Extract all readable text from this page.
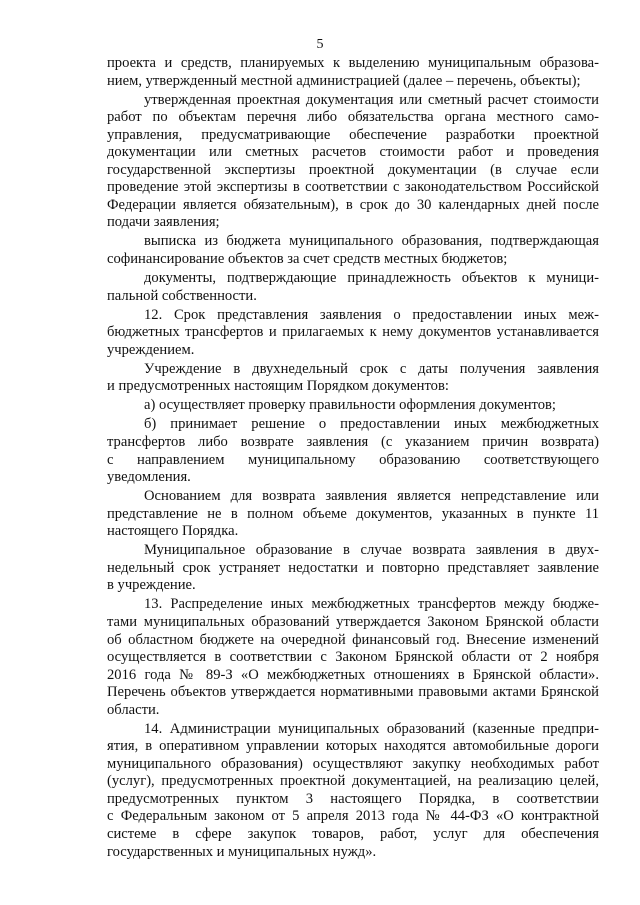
5

проекта и средств, планируемых к выделению муниципальным образова-
нием, утвержденный местной администрацией (далее – перечень, объекты);

утвержденная проектная документация или сметный расчет стоимости
работ по объектам перечня либо обязательства органа местного само-
управления, предусматривающие обеспечение разработки проектной
документации или сметных расчетов стоимости работ и проведения
государственной экспертизы проектной документации (в случае если
проведение этой экспертизы в соответствии с законодательством Российской
Федерации является обязательным), в срок до 30 календарных дней после
подачи заявления;

выписка из бюджета муниципального образования, подтверждающая
софинансирование объектов за счет средств местных бюджетов;

документы, подтверждающие принадлежность объектов к муници-
пальной собственности.

12. Срок представления заявления о предоставлении иных меж-
бюджетных трансфертов и прилагаемых к нему документов устанавливается
учреждением.

Учреждение в двухнедельный срок с даты получения заявления
и предусмотренных настоящим Порядком документов:

а) осуществляет проверку правильности оформления документов;

б) принимает решение о предоставлении иных межбюджетных
трансфертов либо возврате заявления (с указанием причин возврата)
с направлением муниципальному образованию соответствующего
уведомления.

Основанием для возврата заявления является непредставление или
представление не в полном объеме документов, указанных в пункте 11
настоящего Порядка.

Муниципальное образование в случае возврата заявления в двух-
недельный срок устраняет недостатки и повторно представляет заявление
в учреждение.

13. Распределение иных межбюджетных трансфертов между бюдже-
тами муниципальных образований утверждается Законом Брянской области
об областном бюджете на очередной финансовый год. Внесение изменений
осуществляется в соответствии с Законом Брянской области от 2 ноября
2016 года № 89-З «О межбюджетных отношениях в Брянской области».
Перечень объектов утверждается нормативными правовыми актами Брянской
области.

14. Администрации муниципальных образований (казенные предпри-
ятия, в оперативном управлении которых находятся автомобильные дороги
муниципального образования) осуществляют закупку необходимых работ
(услуг), предусмотренных проектной документацией, на реализацию целей,
предусмотренных пунктом 3 настоящего Порядка, в соответствии
с Федеральным законом от 5 апреля 2013 года № 44-ФЗ «О контрактной
системе в сфере закупок товаров, работ, услуг для обеспечения
государственных и муниципальных нужд».
